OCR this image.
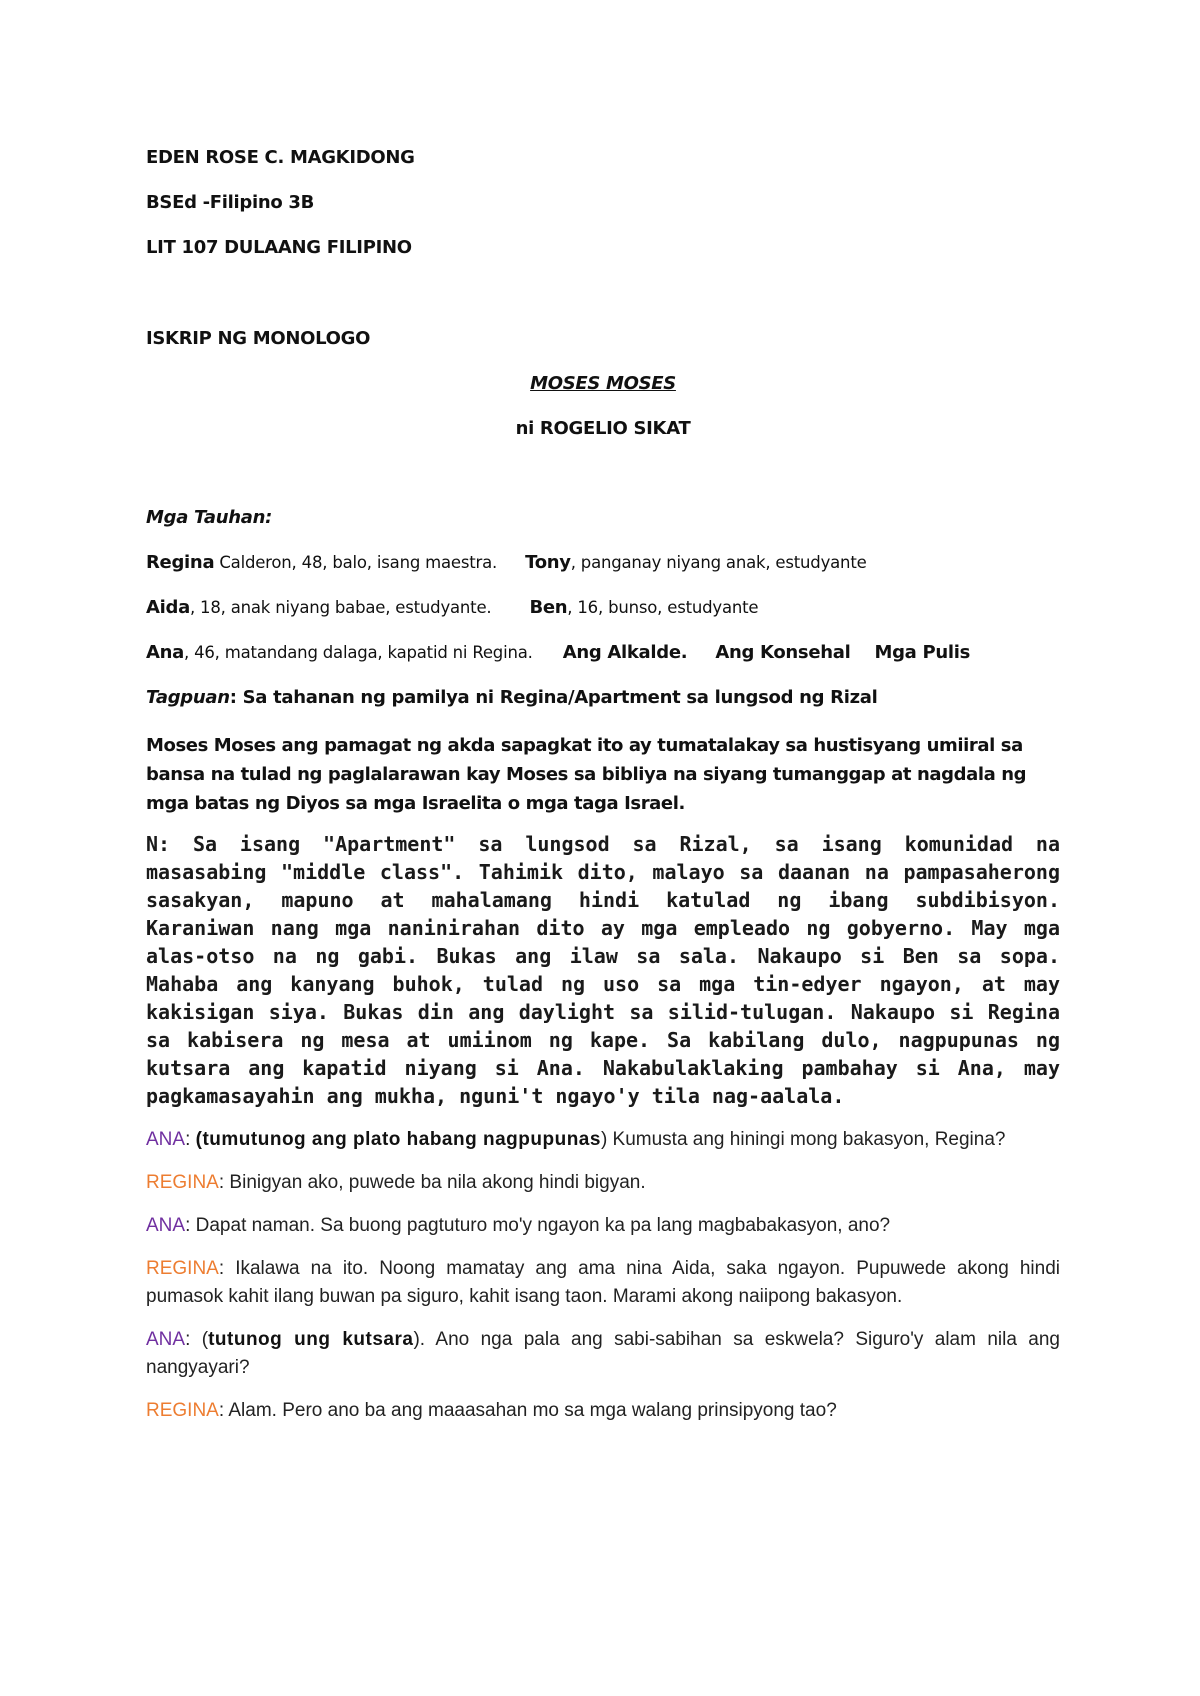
EDEN ROSE C. MAGKIDONG

BSEd -Filipino 3B

LIT 107 DULAANG FILIPINO

ISKRIP NG MONOLOGO

MOSES MOSES

ni ROGELIO SIKAT

Mga Tauhan:

Regina Calderon, 48, balo, isang maestra. Tony, panganay niyang anak, estudyante

Aida, 18, anak niyang babae, estudyante. Ben, 16, bunso, estudyante

Ana, 46, matandang dalaga, kapatid ni Regina. Ang Alkalde. Ang Konsehal Mga Pulis

Tagpuan: Sa tahanan ng pamilya ni Regina/Apartment sa lungsod ng Rizal

Moses Moses ang pamagat ng akda sapagkat ito ay tumatalakay sa hustisyang umiiral sa bansa na tulad ng paglalarawan kay Moses sa bibliya na siyang tumanggap at nagdala ng mga batas ng Diyos sa mga Israelita o mga taga Israel.

N: Sa isang "Apartment" sa lungsod sa Rizal, sa isang komunidad na masasabing "middle class". Tahimik dito, malayo sa daanan na pampasaherong sasakyan, mapuno at mahalamang hindi katulad ng ibang subdibisyon. Karaniwan nang mga naninirahan dito ay mga empleado ng gobyerno. May mga alas-otso na ng gabi. Bukas ang ilaw sa sala. Nakaupo si Ben sa sopa. Mahaba ang kanyang buhok, tulad ng uso sa mga tin-edyer ngayon, at may kakisigan siya. Bukas din ang daylight sa silid-tulugan. Nakaupo si Regina sa kabisera ng mesa at umiinom ng kape. Sa kabilang dulo, nagpupunas ng kutsara ang kapatid niyang si Ana. Nakabulaklaking pambahay si Ana, may pagkamasayahin ang mukha, nguni't ngayo'y tila nag-aalala.

ANA: (tumutunog ang plato habang nagpupunas) Kumusta ang hiningi mong bakasyon, Regina?

REGINA: Binigyan ako, puwede ba nila akong hindi bigyan.

ANA: Dapat naman. Sa buong pagtuturo mo'y ngayon ka pa lang magbabakasyon, ano?

REGINA: Ikalawa na ito. Noong mamatay ang ama nina Aida, saka ngayon. Pupuwede akong hindi pumasok kahit ilang buwan pa siguro, kahit isang taon. Marami akong naiipong bakasyon.

ANA: (tutunog ung kutsara). Ano nga pala ang sabi-sabihan sa eskwela? Siguro'y alam nila ang nangyayari?

REGINA: Alam. Pero ano ba ang maaasahan mo sa mga walang prinsipyong tao?
